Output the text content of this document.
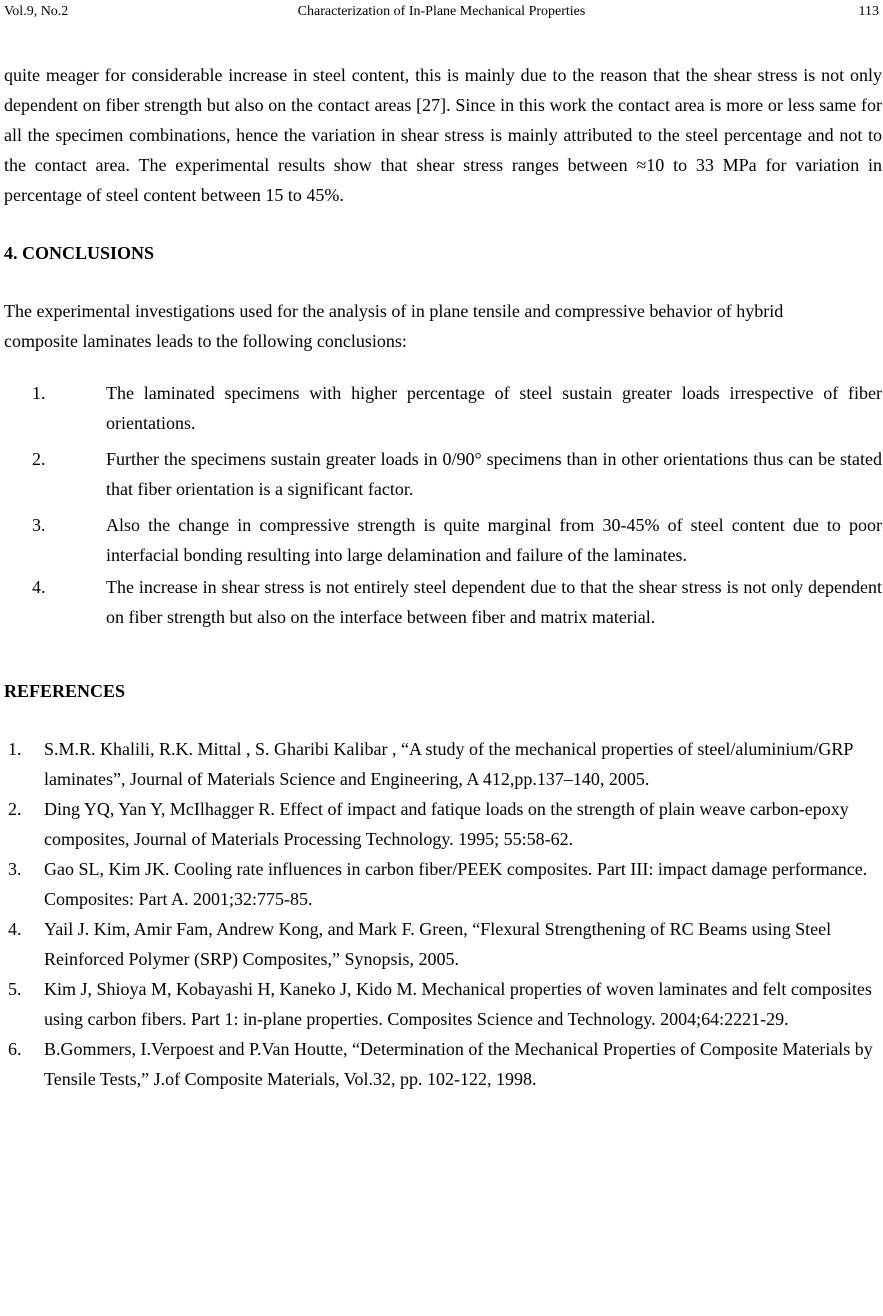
Vol.9, No.2	Characterization of In-Plane Mechanical Properties	113

quite meager for considerable increase in steel content, this is mainly due to the reason that the shear stress is not only dependent on fiber strength but also on the contact areas [27]. Since in this work the contact area is more or less same for all the specimen combinations, hence the variation in shear stress is mainly attributed to the steel percentage and not to the contact area. The experimental results show that shear stress ranges between ≈10 to 33 MPa for variation in percentage of steel content between 15 to 45%.

4. CONCLUSIONS

The experimental investigations used for the analysis of in plane tensile and compressive behavior of hybrid composite laminates leads to the following conclusions:

1.	The laminated specimens with higher percentage of steel sustain greater loads irrespective of fiber orientations.
2.	Further the specimens sustain greater loads in 0/90° specimens than in other orientations thus can be stated that fiber orientation is a significant factor.
3.	Also the change in compressive strength is quite marginal from 30-45% of steel content due to poor interfacial bonding resulting into large delamination and failure of the laminates.
4.	The increase in shear stress is not entirely steel dependent due to that the shear stress is not only dependent on fiber strength but also on the interface between fiber and matrix material.

REFERENCES

1. S.M.R. Khalili, R.K. Mittal , S. Gharibi Kalibar , “A study of the mechanical properties of steel/aluminium/GRP laminates”, Journal of Materials Science and Engineering, A 412,pp.137–140, 2005.
2. Ding YQ, Yan Y, McIlhagger R. Effect of impact and fatique loads on the strength of plain weave carbon-epoxy composites, Journal of Materials Processing Technology. 1995; 55:58-62.
3. Gao SL, Kim JK. Cooling rate influences in carbon fiber/PEEK composites. Part III: impact damage performance. Composites: Part A. 2001;32:775-85.
4. Yail J. Kim, Amir Fam, Andrew Kong, and Mark F. Green, “Flexural Strengthening of RC Beams using Steel Reinforced Polymer (SRP) Composites,” Synopsis, 2005.
5. Kim J, Shioya M, Kobayashi H, Kaneko J, Kido M. Mechanical properties of woven laminates and felt composites using carbon fibers. Part 1: in-plane properties. Composites Science and Technology. 2004;64:2221-29.
6. B.Gommers, I.Verpoest and P.Van Houtte, “Determination of the Mechanical Properties of Composite Materials by Tensile Tests,” J.of Composite Materials, Vol.32, pp. 102-122, 1998.
